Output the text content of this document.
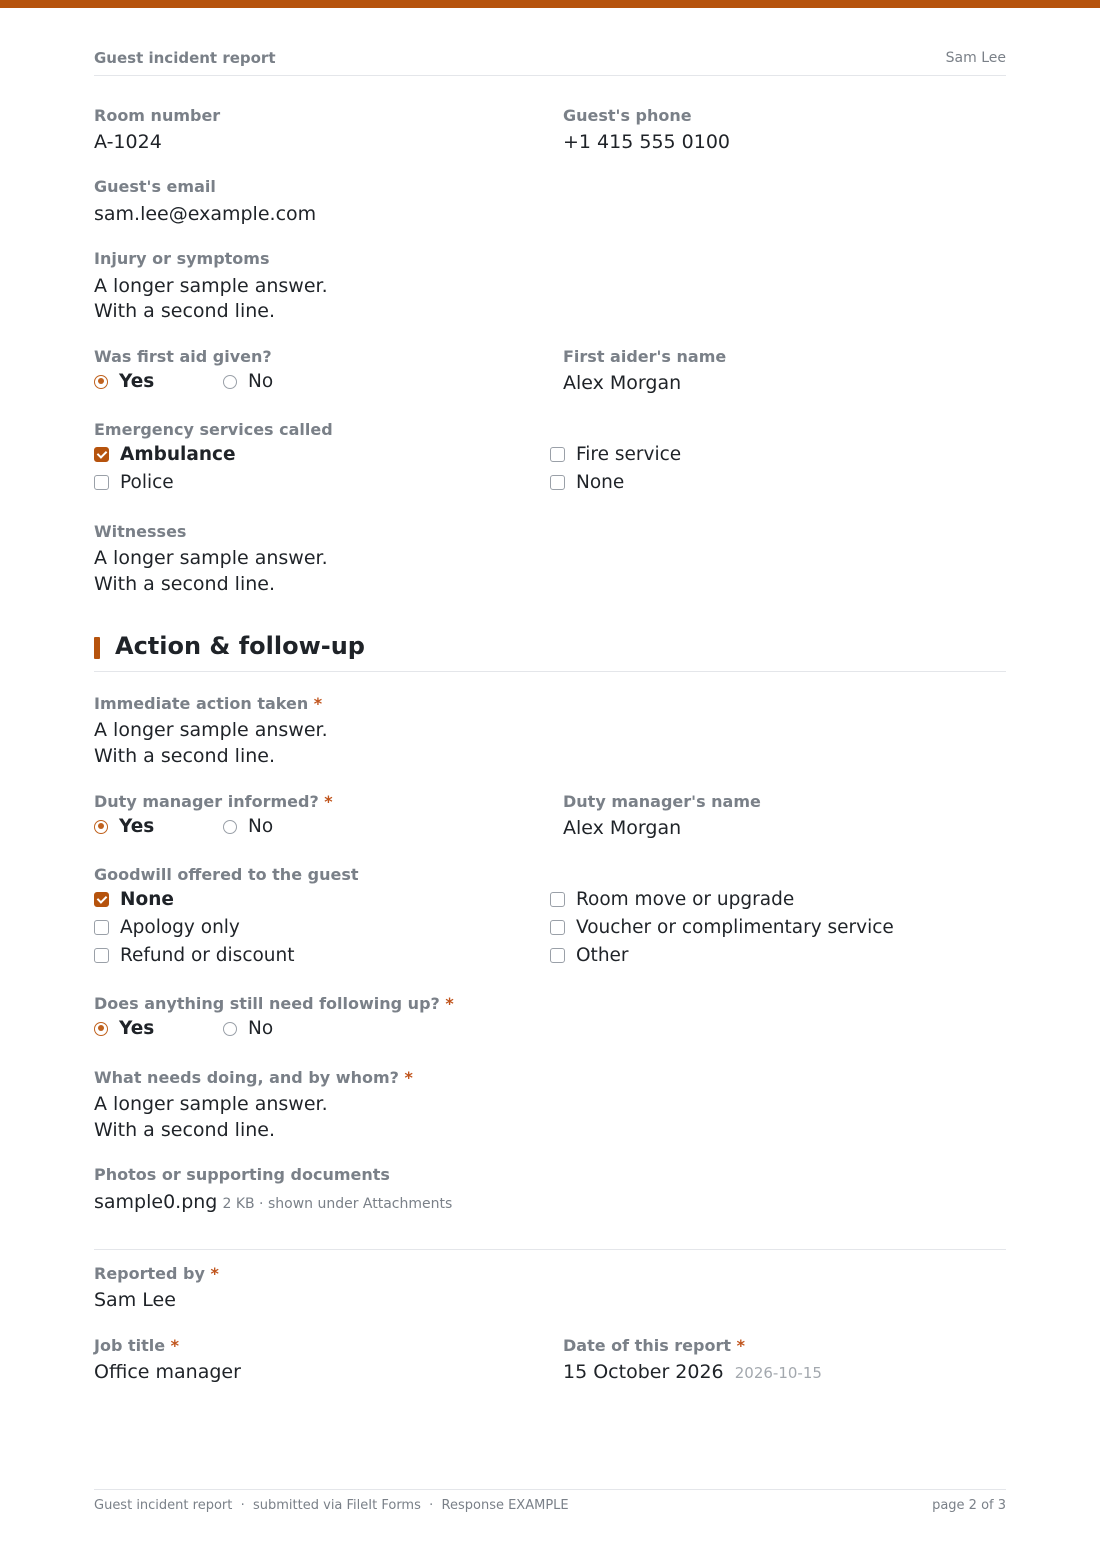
Guest incident report	Sam Lee
Room number
A-1024
Guest's phone
+1 415 555 0100
Guest's email
sam.lee@example.com
Injury or symptoms
A longer sample answer.
With a second line.
Was first aid given?
Yes	No
First aider's name
Alex Morgan
Emergency services called
Ambulance	Fire service
Police	None
Witnesses
A longer sample answer.
With a second line.
Action & follow-up
Immediate action taken *
A longer sample answer.
With a second line.
Duty manager informed? *
Yes	No
Duty manager's name
Alex Morgan
Goodwill offered to the guest
None	Room move or upgrade
Apology only	Voucher or complimentary service
Refund or discount	Other
Does anything still need following up? *
Yes	No
What needs doing, and by whom? *
A longer sample answer.
With a second line.
Photos or supporting documents
sample0.png 2 KB · shown under Attachments
Reported by *
Sam Lee
Job title *
Office manager
Date of this report *
15 October 2026 2026-10-15
Guest incident report  ·  submitted via FileIt Forms  ·  Response EXAMPLE	page 2 of 3
